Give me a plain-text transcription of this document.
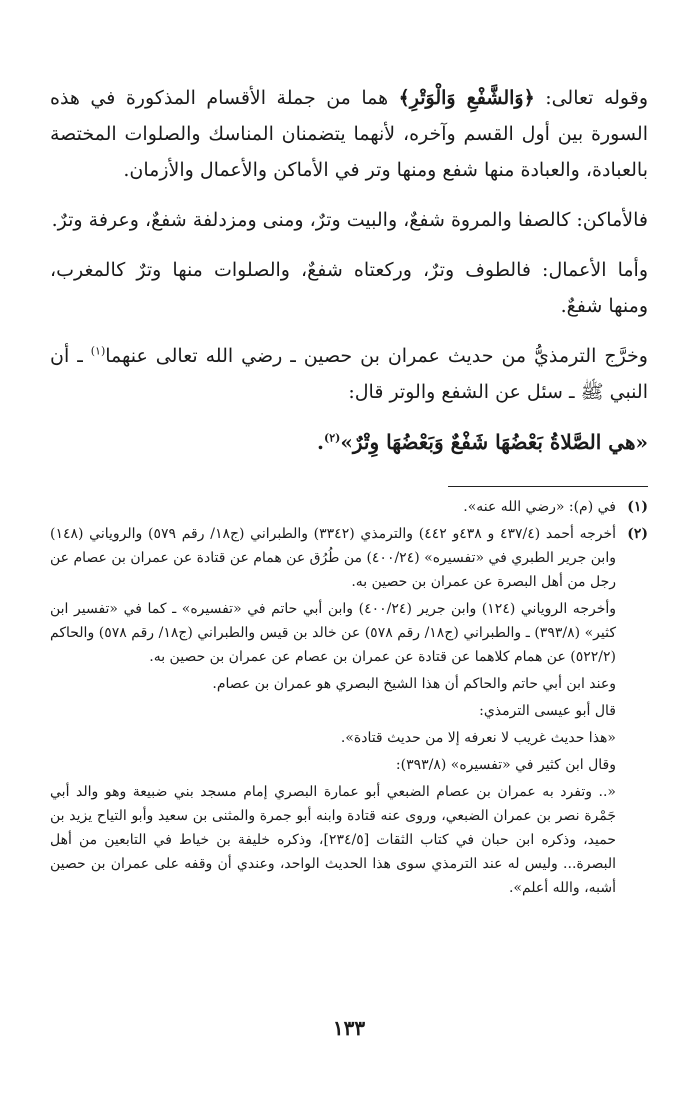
وقوله تعالى: ﴿وَالشَّفْعِ وَالْوَتْرِ﴾ هما من جملة الأقسام المذكورة في هذه السورة بين أول القسم وآخره، لأنهما يتضمنان المناسك والصلوات المختصة بالعبادة، والعبادة منها شفع ومنها وتر في الأماكن والأعمال والأزمان.

فالأماكن: كالصفا والمروة شفعٌ، والبيت وترٌ، ومنى ومزدلفة شفعٌ، وعرفة وترٌ.

وأما الأعمال: فالطوف وترٌ، وركعتاه شفعٌ، والصلوات منها وترٌ كالمغرب، ومنها شفعٌ.

وخرَّج الترمذيُّ من حديث عمران بن حصين ـ رضي الله تعالى عنهما$^{(١)}$ ـ أن النبي ﷺ ـ سئل عن الشفع والوتر قال:

«هي الصَّلاةُ بَعْضُهَا شَفْعٌ وَبَعْضُهَا وِتْرٌ»$^{(٢)}$.

(١)

في (م): «رضي الله عنه».

(٢)

أخرجه أحمد (٤٣٧/٤ و ٤٣٨و ٤٤٢) والترمذي (٣٣٤٢) والطبراني (ج١٨/ رقم ٥٧٩) والروياني (١٤٨) وابن جرير الطبري في «تفسيره» (٤٠٠/٢٤) من طُرُق عن همام عن قتادة عن عمران بن عصام عن رجل من أهل البصرة عن عمران بن حصين به.

وأخرجه الروياني (١٢٤) وابن جرير (٤٠٠/٢٤) وابن أبي حاتم في «تفسيره» ـ كما في «تفسير ابن كثير» (٣٩٣/٨) ـ والطبراني (ج١٨/ رقم ٥٧٨) عن خالد بن قيس والطبراني (ج١٨/ رقم ٥٧٨) والحاكم (٥٢٢/٢) عن همام كلاهما عن قتادة عن عمران بن عصام عن عمران بن حصين به.

وعند ابن أبي حاتم والحاكم أن هذا الشيخ البصري هو عمران بن عصام.

قال أبو عيسى الترمذي:

«هذا حديث غريب لا نعرفه إلا من حديث قتادة».

وقال ابن كثير في «تفسيره» (٣٩٣/٨):

«.. وتفرد به عمران بن عصام الضبعي أبو عمارة البصري إمام مسجد بني ضبيعة وهو والد أبي جَمْرة نصر بن عمران الضبعي، وروى عنه قتادة وابنه أبو جمرة والمثنى بن سعيد وأبو التياح يزيد بن حميد، وذكره ابن حبان في كتاب الثقات [٢٣٤/٥]، وذكره خليفة بن خياط في التابعين من أهل البصرة... وليس له عند الترمذي سوى هذا الحديث الواحد، وعندي أن وقفه على عمران بن حصين أشبه، والله أعلم».

١٣٣
